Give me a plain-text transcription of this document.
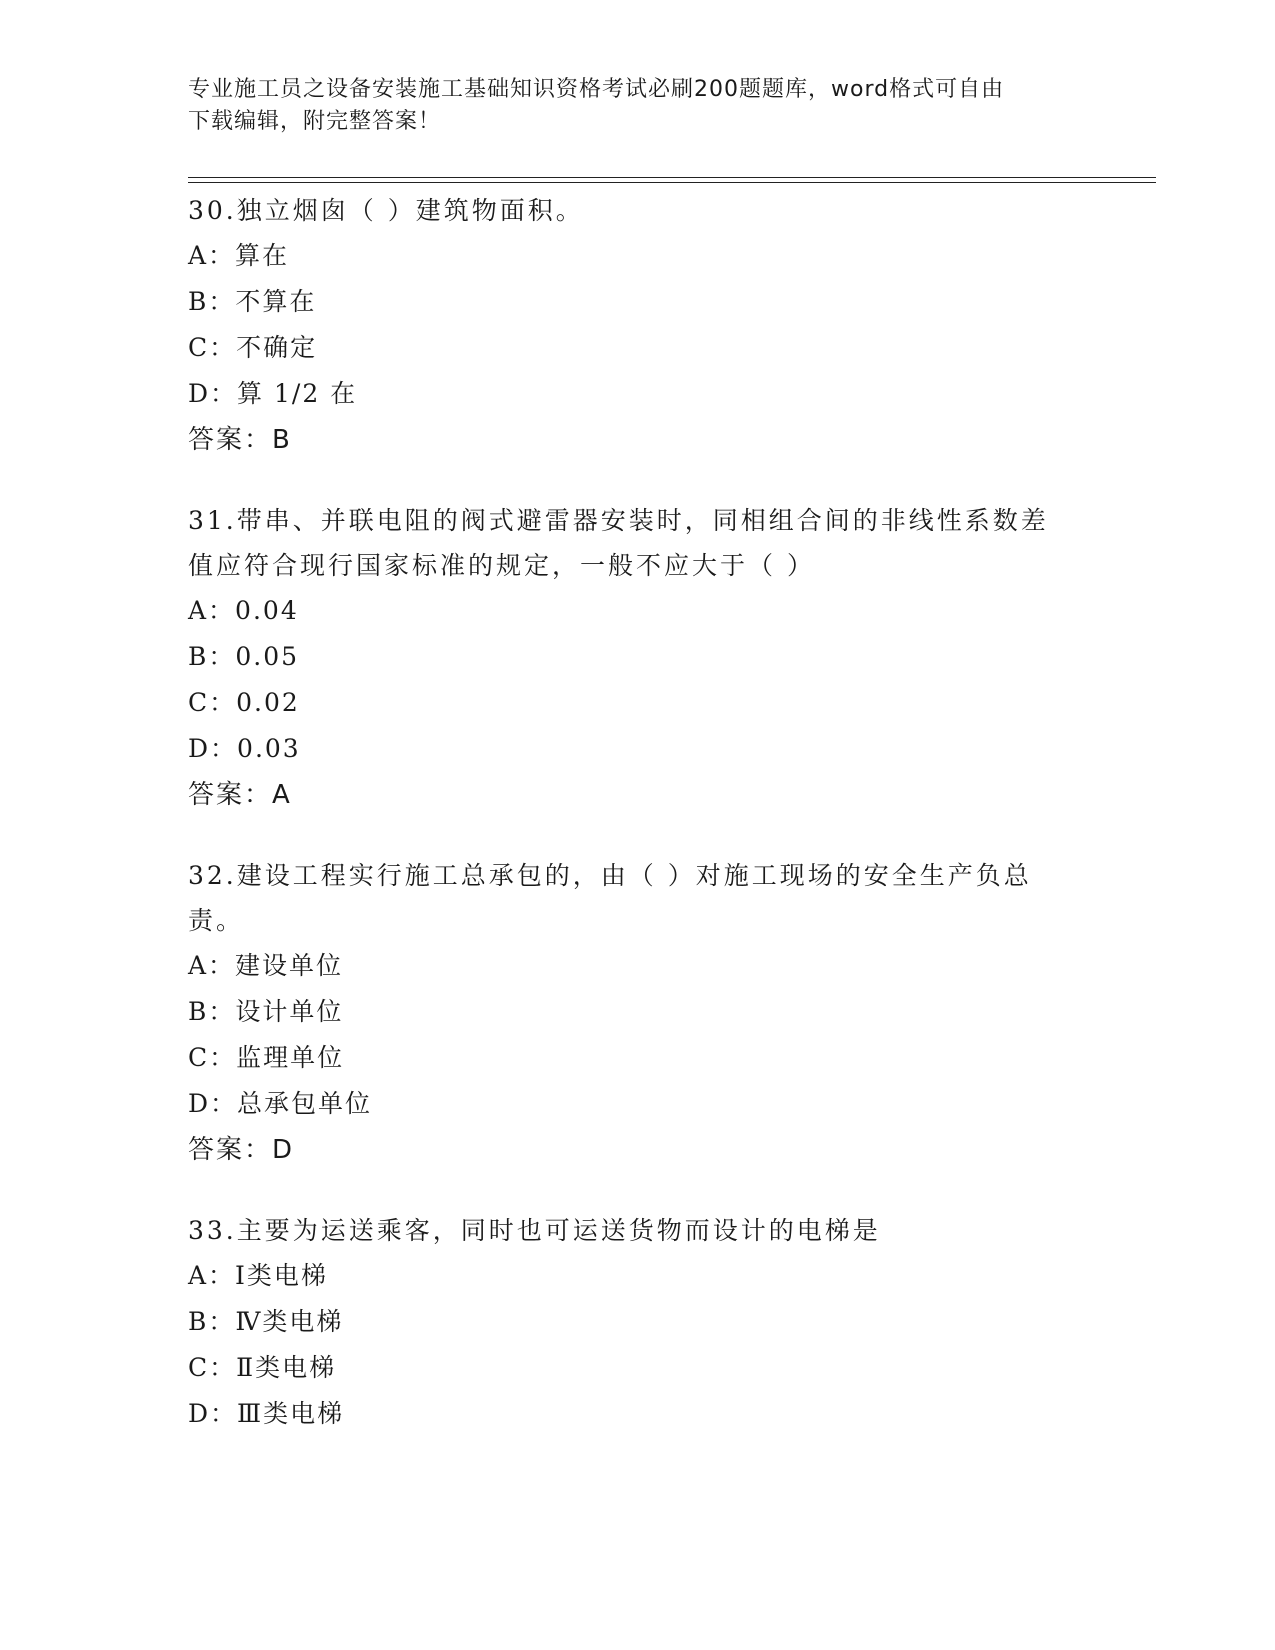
专业施工员之设备安装施工基础知识资格考试必刷200题题库，word格式可自由
下载编辑，附完整答案！
30.独立烟囱（ ）建筑物面积。
A：算在
B：不算在
C：不确定
D：算 1/2 在
答案：B
31.带串、并联电阻的阀式避雷器安装时，同相组合间的非线性系数差
值应符合现行国家标准的规定，一般不应大于（ ）
A：0.04
B：0.05
C：0.02
D：0.03
答案：A
32.建设工程实行施工总承包的，由（ ）对施工现场的安全生产负总
责。
A：建设单位
B：设计单位
C：监理单位
D：总承包单位
答案：D
33.主要为运送乘客，同时也可运送货物而设计的电梯是
A：Ⅰ类电梯
B：Ⅳ类电梯
C：Ⅱ类电梯
D：Ⅲ类电梯
